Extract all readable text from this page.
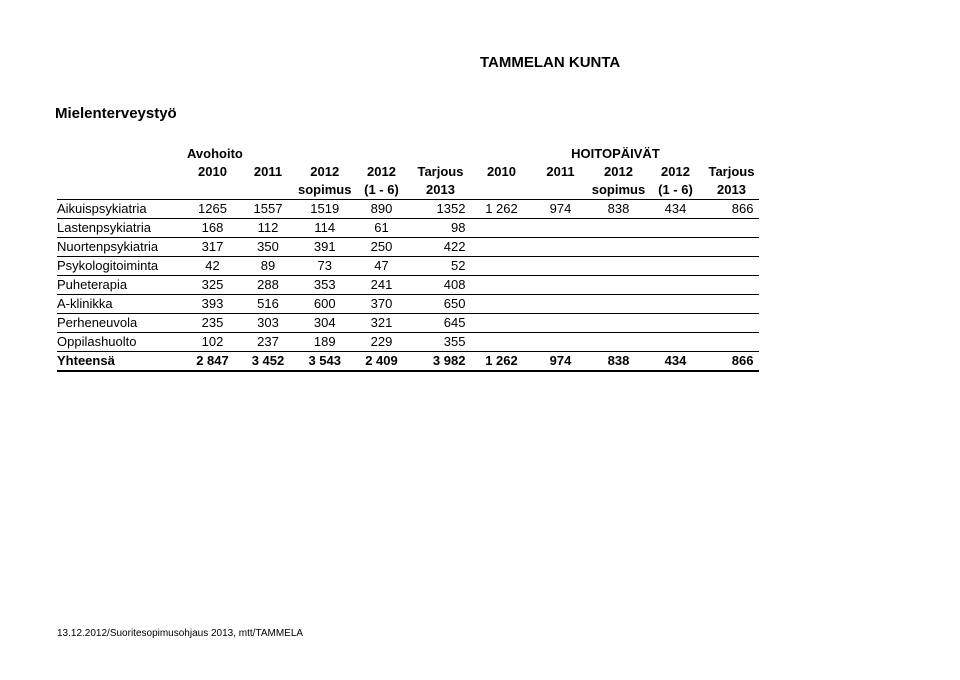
TAMMELAN KUNTA
Mielenterveystyö
	Avohoito					HOITOPÄIVÄT				
	2010	2011	2012	2012	Tarjous	2010	2011	2012	2012	Tarjous
			sopimus	(1 - 6)	2013			sopimus	(1 - 6)	2013
Aikuispsykiatria	1265	1557	1519	890	1352	1 262	974	838	434	866
Lastenpsykiatria	168	112	114	61	98					
Nuortenpsykiatria	317	350	391	250	422					
Psykologitoiminta	42	89	73	47	52					
Puheterapia	325	288	353	241	408					
A-klinikka	393	516	600	370	650					
Perheneuvola	235	303	304	321	645					
Oppilashuolto	102	237	189	229	355					
Yhteensä	2 847	3 452	3 543	2 409	3 982	1 262	974	838	434	866
13.12.2012/Suoritesopimusohjaus 2013, mtt/TAMMELA
